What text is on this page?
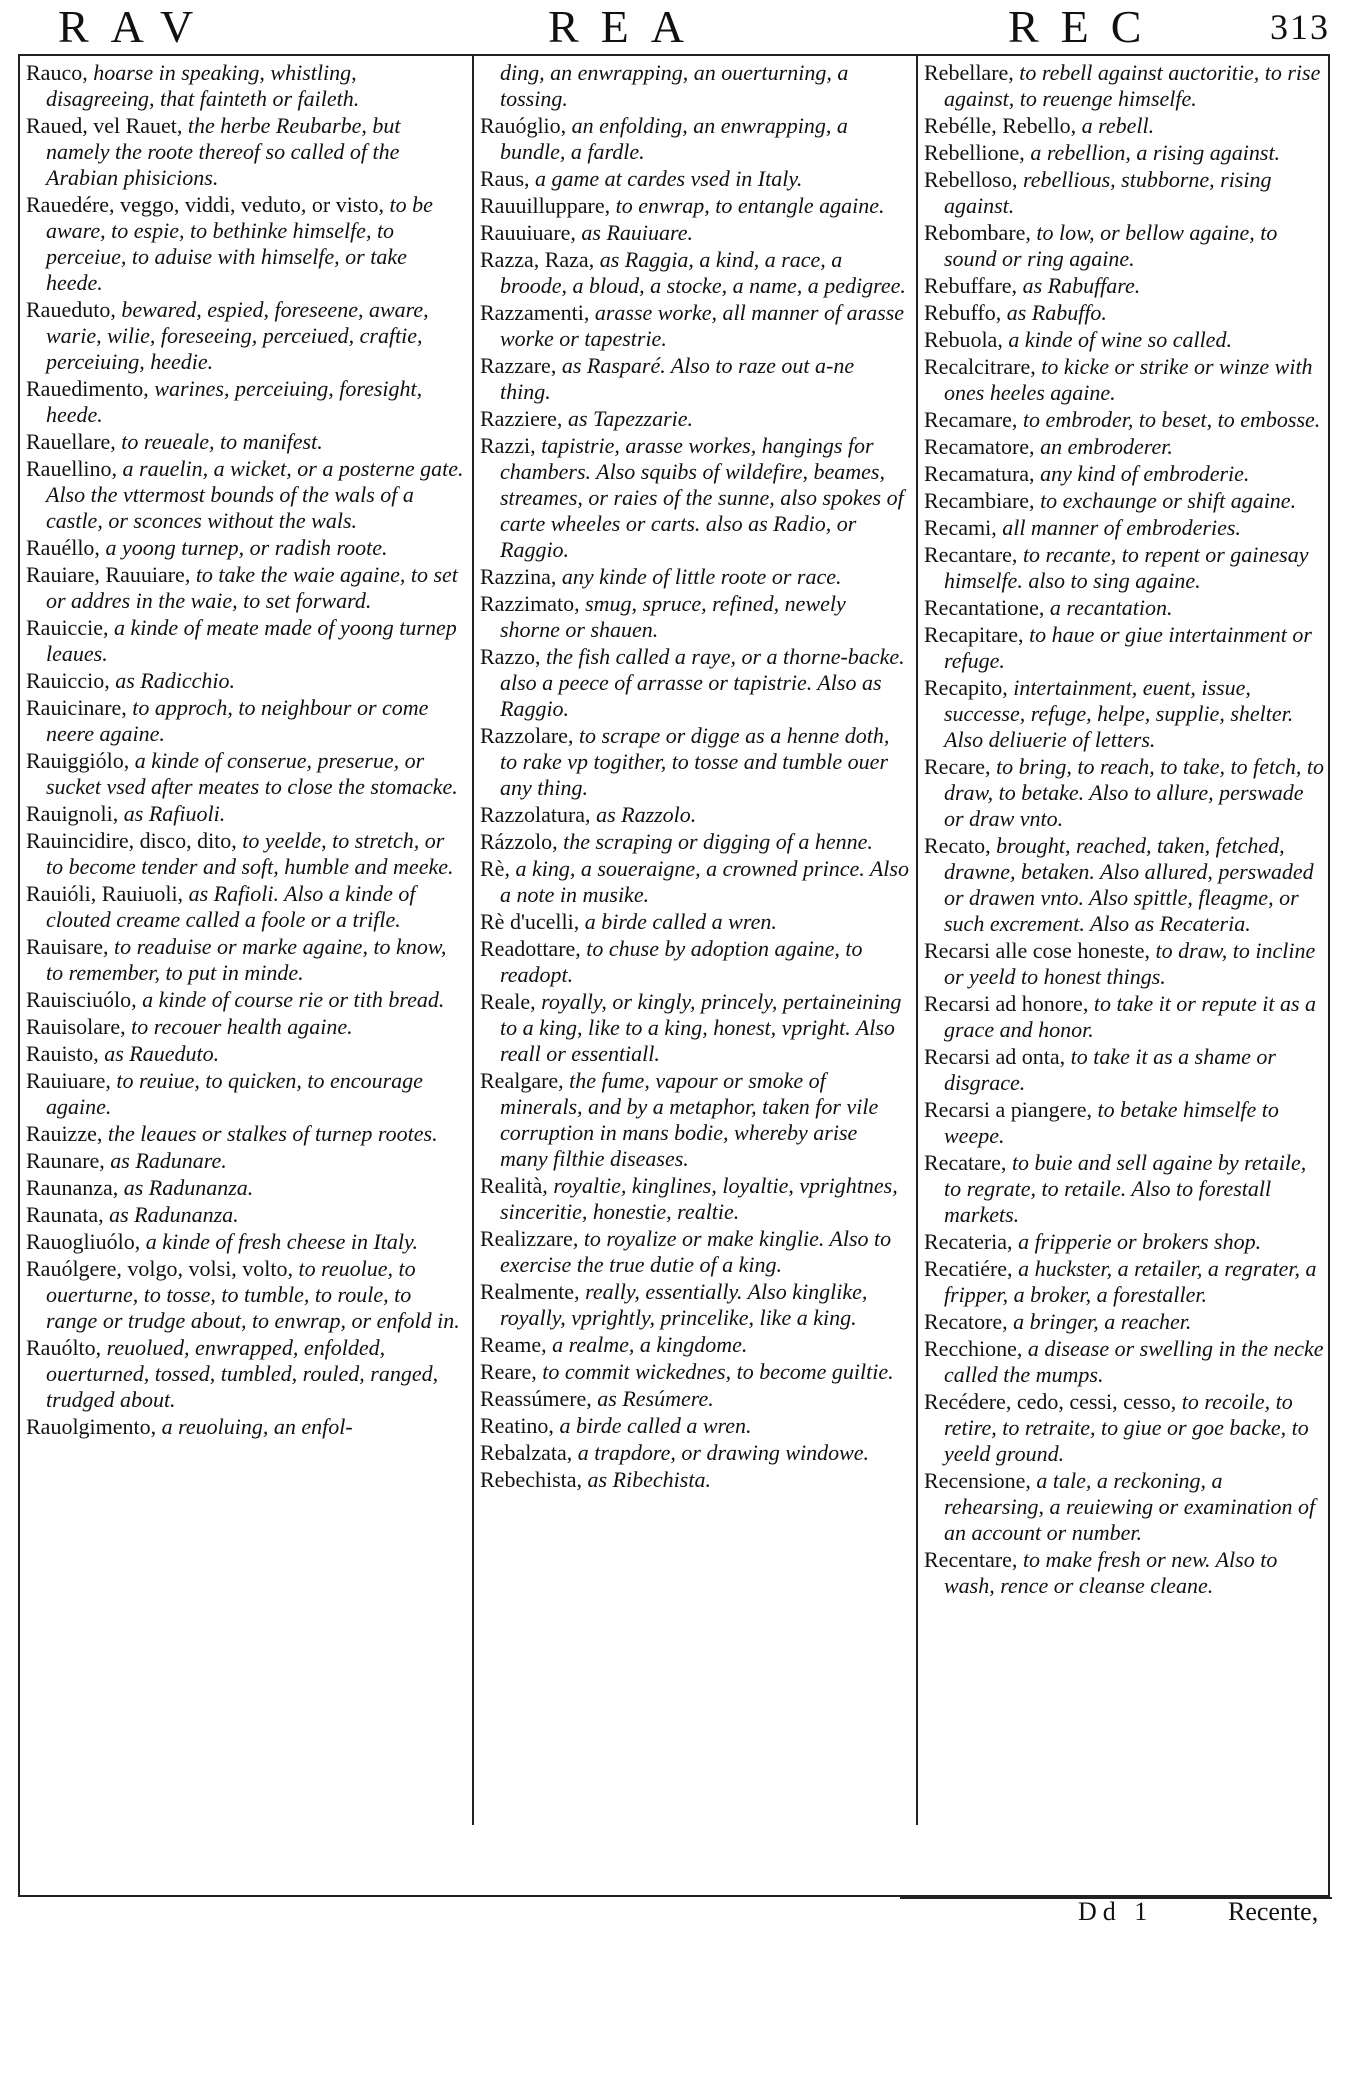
RAV	REA	REC	313

Rauco, hoarse in speaking, whistling, disagreeing, that fainteth or faileth.

Raued, vel Rauet, the herbe Reubarbe, but namely the roote thereof so called of the Arabian phisicions.

Rauedére, veggo, viddi, veduto, or visto, to be aware, to espie, to bethinke himselfe, to perceiue, to aduise with himselfe, or take heede.

Raueduto, bewared, espied, foreseene, aware, warie, wilie, foreseeing, perceiued, craftie, perceiuing, heedie.

Rauedimento, warines, perceiuing, foresight, heede.

Rauellare, to reueale, to manifest.

Rauellino, a rauelin, a wicket, or a posterne gate. Also the vttermost bounds of the wals of a castle, or sconces without the wals.

Rauéllo, a yoong turnep, or radish roote.

Rauiare, Rauuiare, to take the waie againe, to set or addres in the waie, to set forward.

Rauiccie, a kinde of meate made of yoong turnep leaues.

Rauiccio, as Radicchio.

Rauicinare, to approch, to neighbour or come neere againe.

Rauiggiólo, a kinde of conserue, preserue, or sucket vsed after meates to close the stomacke.

Rauignoli, as Rafiuoli.

Rauincidire, disco, dito, to yeelde, to stretch, or to become tender and soft, humble and meeke.

Rauióli, Rauiuoli, as Rafioli. Also a kinde of clouted creame called a foole or a trifle.

Rauisare, to readuise or marke againe, to know, to remember, to put in minde.

Rauisciuólo, a kinde of course rie or tith bread.

Rauisolare, to recouer health againe.

Rauisto, as Raueduto.

Rauiuare, to reuiue, to quicken, to encourage againe.

Rauizze, the leaues or stalkes of turnep rootes.

Raunare, as Radunare.

Raunanza, as Radunanza.

Raunata, as Radunanza.

Rauogliuólo, a kinde of fresh cheese in Italy.

Rauólgere, volgo, volsi, volto, to reuolue, to ouerturne, to tosse, to tumble, to roule, to range or trudge about, to enwrap, or enfold in.

Rauólto, reuolued, enwrapped, enfolded, ouerturned, tossed, tumbled, rouled, ranged, trudged about.

Rauolgimento, a reuoluing, an enfol-

ding, an enwrapping, an ouerturning, a tossing.

Rauóglio, an enfolding, an enwrapping, a bundle, a fardle.

Raus, a game at cardes vsed in Italy.

Rauuilluppare, to enwrap, to entangle againe.

Rauuiuare, as Rauiuare.

Razza, Raza, as Raggia, a kind, a race, a broode, a bloud, a stocke, a name, a pedigree.

Razzamenti, arasse worke, all manner of arasse worke or tapestrie.

Razzare, as Rasparé. Also to raze out a-ne thing.

Razziere, as Tapezzarie.

Razzi, tapistrie, arasse workes, hangings for chambers. Also squibs of wildefire, beames, streames, or raies of the sunne, also spokes of carte wheeles or carts. also as Radio, or Raggio.

Razzina, any kinde of little roote or race.

Razzimato, smug, spruce, refined, newely shorne or shauen.

Razzo, the fish called a raye, or a thorne-backe. also a peece of arrasse or tapistrie. Also as Raggio.

Razzolare, to scrape or digge as a henne doth, to rake vp togither, to tosse and tumble ouer any thing.

Razzolatura, as Razzolo.

Rázzolo, the scraping or digging of a henne.

Rè, a king, a soueraigne, a crowned prince. Also a note in musike.

Rè d'ucelli, a birde called a wren.

Readottare, to chuse by adoption againe, to readopt.

Reale, royally, or kingly, princely, pertaineining to a king, like to a king, honest, vpright. Also reall or essentiall.

Realgare, the fume, vapour or smoke of minerals, and by a metaphor, taken for vile corruption in mans bodie, whereby arise many filthie diseases.

Realità, royaltie, kinglines, loyaltie, vprightnes, sinceritie, honestie, realtie.

Realizzare, to royalize or make kinglie. Also to exercise the true dutie of a king.

Realmente, really, essentially. Also kinglike, royally, vprightly, princelike, like a king.

Reame, a realme, a kingdome.

Reare, to commit wickednes, to become guiltie.

Reassúmere, as Resúmere.

Reatino, a birde called a wren.

Rebalzata, a trapdore, or drawing windowe.

Rebechista, as Ribechista.

Rebellare, to rebell against auctoritie, to rise against, to reuenge himselfe.

Rebélle, Rebello, a rebell.

Rebellione, a rebellion, a rising against.

Rebelloso, rebellious, stubborne, rising against.

Rebombare, to low, or bellow againe, to sound or ring againe.

Rebuffare, as Rabuffare.

Rebuffo, as Rabuffo.

Rebuola, a kinde of wine so called.

Recalcitrare, to kicke or strike or winze with ones heeles againe.

Recamare, to embroder, to beset, to embosse.

Recamatore, an embroderer.

Recamatura, any kind of embroderie.

Recambiare, to exchaunge or shift againe.

Recami, all manner of embroderies.

Recantare, to recante, to repent or gainesay himselfe. also to sing againe.

Recantatione, a recantation.

Recapitare, to haue or giue intertainment or refuge.

Recapito, intertainment, euent, issue, successe, refuge, helpe, supplie, shelter. Also deliuerie of letters.

Recare, to bring, to reach, to take, to fetch, to draw, to betake. Also to allure, perswade or draw vnto.

Recato, brought, reached, taken, fetched, drawne, betaken. Also allured, perswaded or drawen vnto. Also spittle, fleagme, or such excrement. Also as Recateria.

Recarsi alle cose honeste, to draw, to incline or yeeld to honest things.

Recarsi ad honore, to take it or repute it as a grace and honor.

Recarsi ad onta, to take it as a shame or disgrace.

Recarsi a piangere, to betake himselfe to weepe.

Recatare, to buie and sell againe by retaile, to regrate, to retaile. Also to forestall markets.

Recateria, a fripperie or brokers shop.

Recatiére, a huckster, a retailer, a regrater, a fripper, a broker, a forestaller.

Recatore, a bringer, a reacher.

Recchione, a disease or swelling in the necke called the mumps.

Recédere, cedo, cessi, cesso, to recoile, to retire, to retraite, to giue or goe backe, to yeeld ground.

Recensione, a tale, a reckoning, a rehearsing, a reuiewing or examination of an account or number.

Recentare, to make fresh or new. Also to wash, rence or cleanse cleane.

Dd 1	Recente,
